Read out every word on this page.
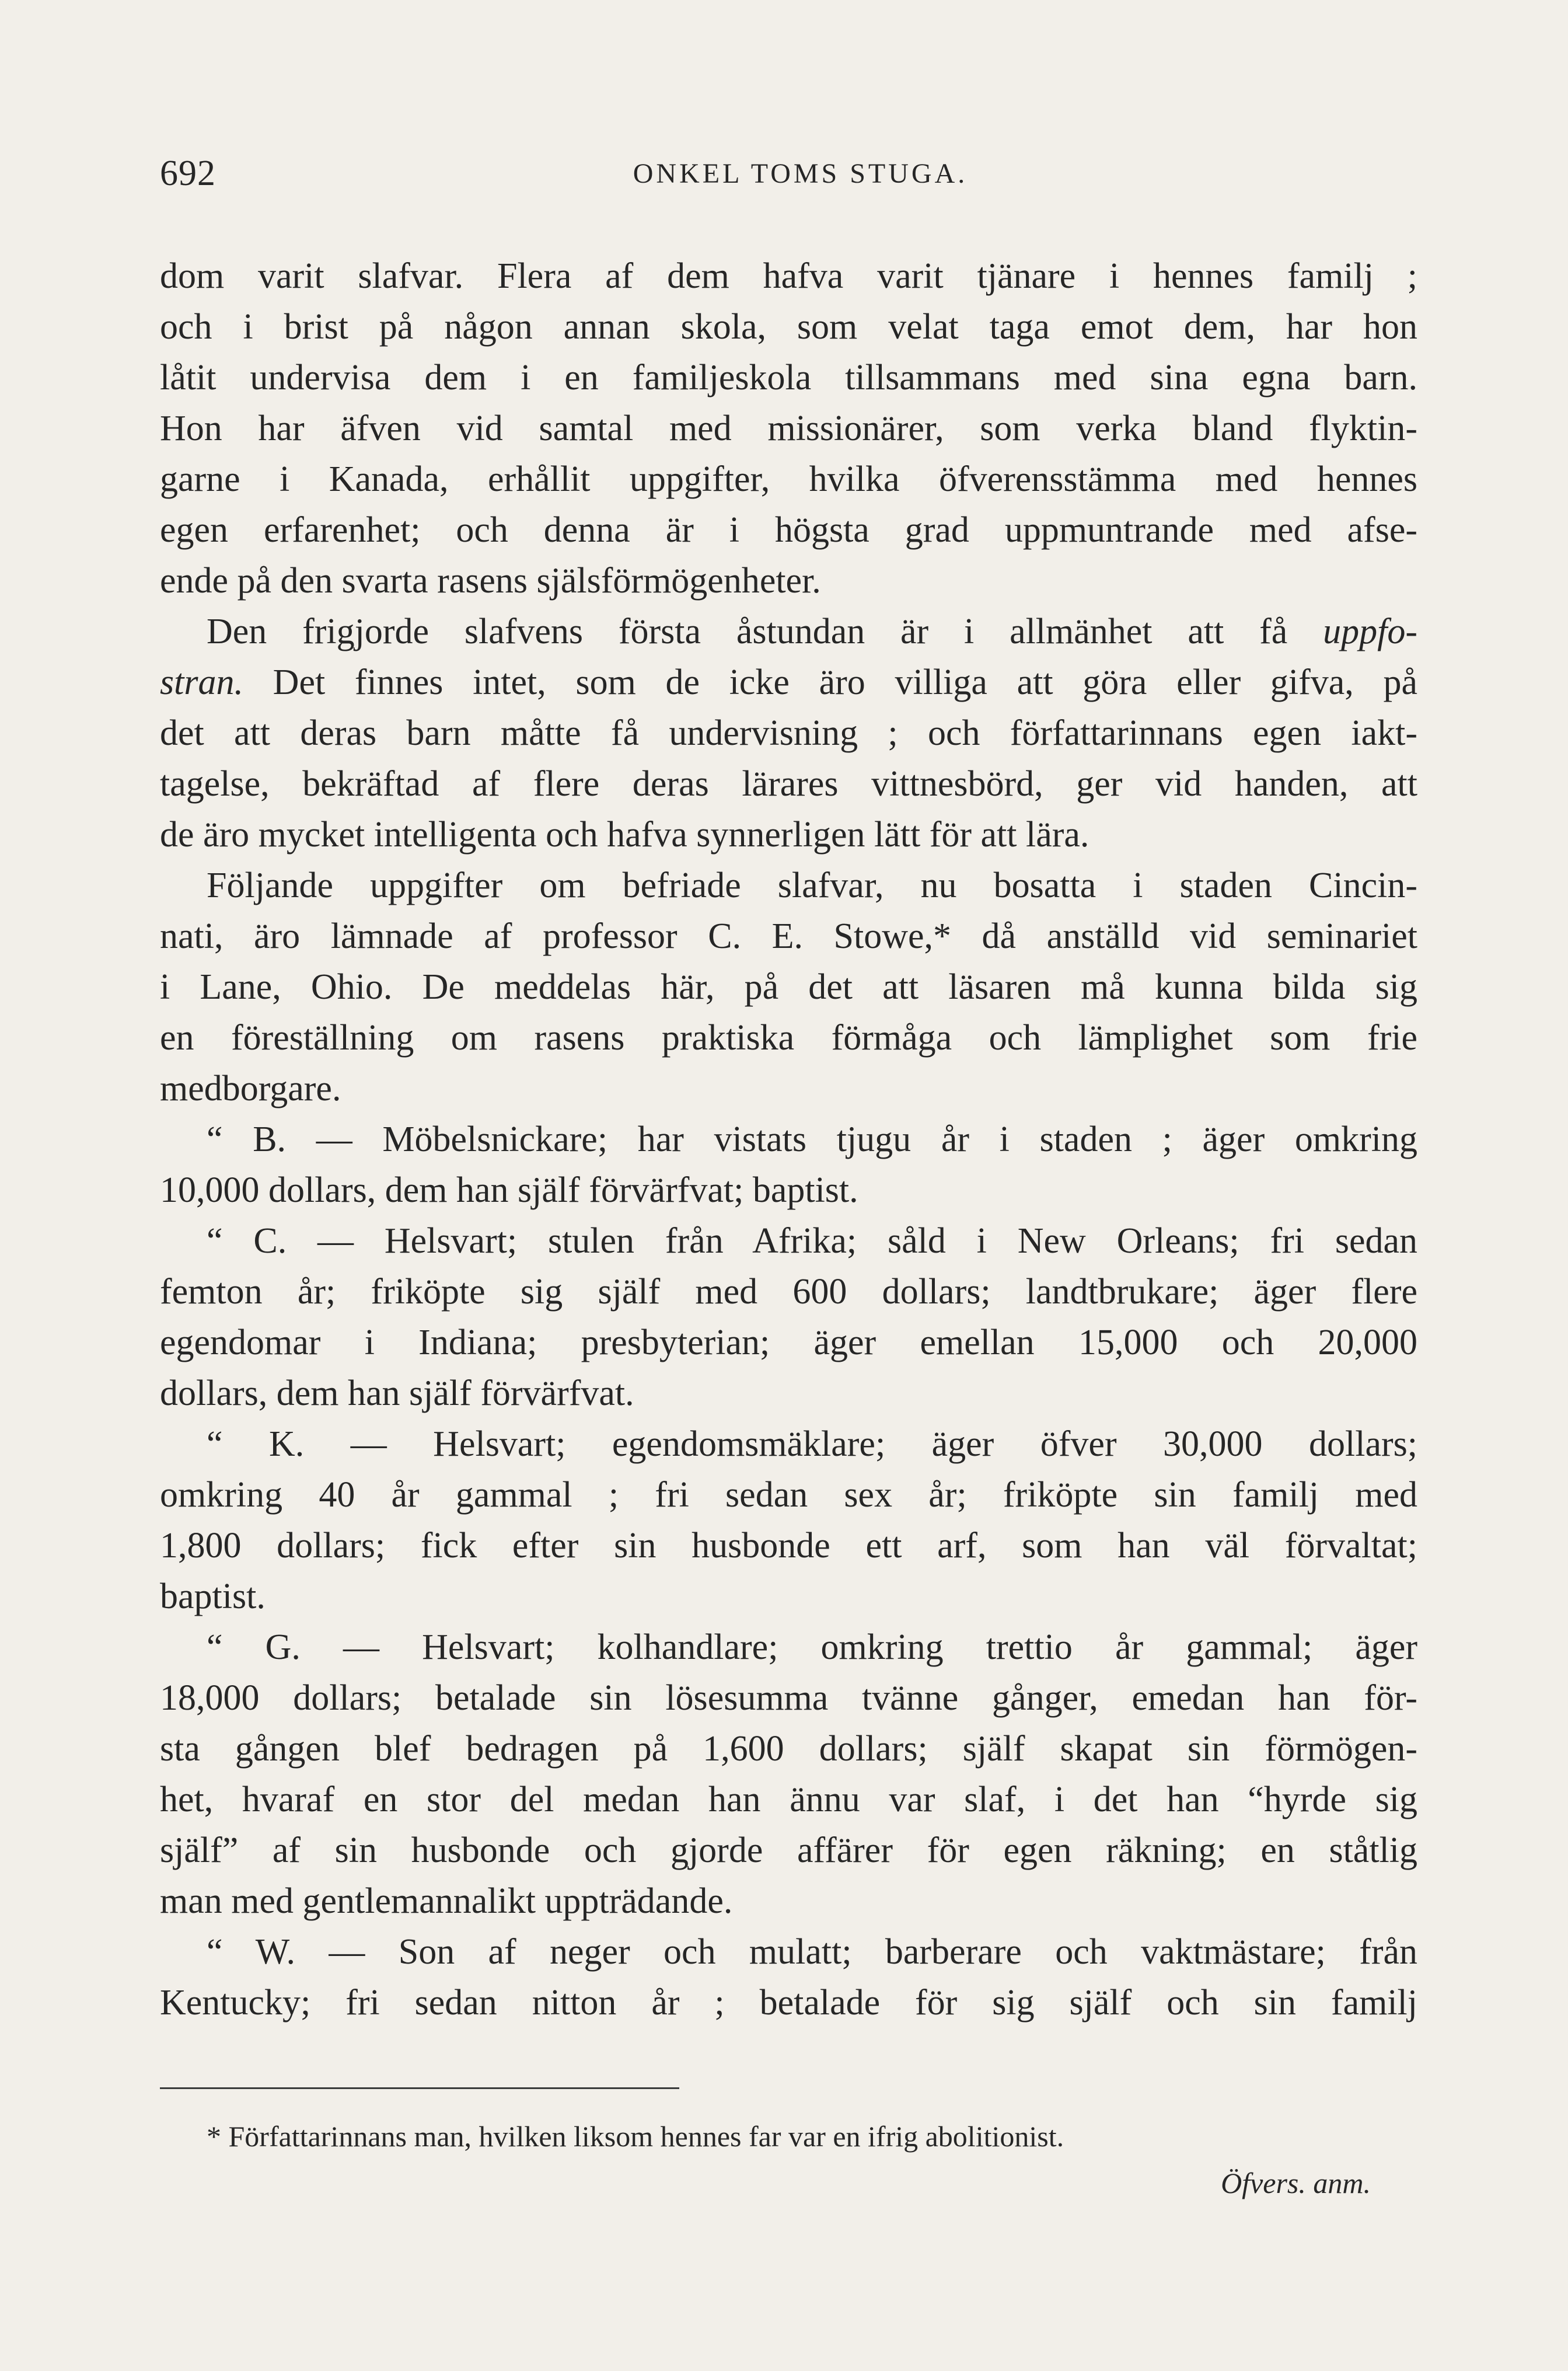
692	ONKEL TOMS STUGA.
dom varit slafvar. Flera af dem hafva varit tjänare i hennes familj ;
och i brist på någon annan skola, som velat taga emot dem, har hon
låtit undervisa dem i en familjeskola tillsammans med sina egna barn.
Hon har äfven vid samtal med missionärer, som verka bland flyktin-
garne i Kanada, erhållit uppgifter, hvilka öfverensstämma med hennes
egen erfarenhet; och denna är i högsta grad uppmuntrande med afse-
ende på den svarta rasens själsförmögenheter.
Den frigjorde slafvens första åstundan är i allmänhet att få uppfo-
stran. Det finnes intet, som de icke äro villiga att göra eller gifva, på
det att deras barn måtte få undervisning ; och författarinnans egen iakt-
tagelse, bekräftad af flere deras lärares vittnesbörd, ger vid handen, att
de äro mycket intelligenta och hafva synnerligen lätt för att lära.
Följande uppgifter om befriade slafvar, nu bosatta i staden Cincin-
nati, äro lämnade af professor C. E. Stowe,* då anställd vid seminariet
i Lane, Ohio. De meddelas här, på det att läsaren må kunna bilda sig
en föreställning om rasens praktiska förmåga och lämplighet som frie
medborgare.
“ B. — Möbelsnickare; har vistats tjugu år i staden ; äger omkring
10,000 dollars, dem han själf förvärfvat; baptist.
“ C. — Helsvart; stulen från Afrika; såld i New Orleans; fri sedan
femton år; friköpte sig själf med 600 dollars; landtbrukare; äger flere
egendomar i Indiana; presbyterian; äger emellan 15,000 och 20,000
dollars, dem han själf förvärfvat.
“ K. — Helsvart; egendomsmäklare; äger öfver 30,000 dollars;
omkring 40 år gammal ; fri sedan sex år; friköpte sin familj med
1,800 dollars; fick efter sin husbonde ett arf, som han väl förvaltat;
baptist.
“ G. — Helsvart; kolhandlare; omkring trettio år gammal; äger
18,000 dollars; betalade sin lösesumma tvänne gånger, emedan han för-
sta gången blef bedragen på 1,600 dollars; själf skapat sin förmögen-
het, hvaraf en stor del medan han ännu var slaf, i det han “hyrde sig
själf” af sin husbonde och gjorde affärer för egen räkning; en ståtlig
man med gentlemannalikt uppträdande.
“ W. — Son af neger och mulatt; barberare och vaktmästare; från
Kentucky; fri sedan nitton år ; betalade för sig själf och sin familj
* Författarinnans man, hvilken liksom hennes far var en ifrig abolitionist.
Öfvers. anm.
